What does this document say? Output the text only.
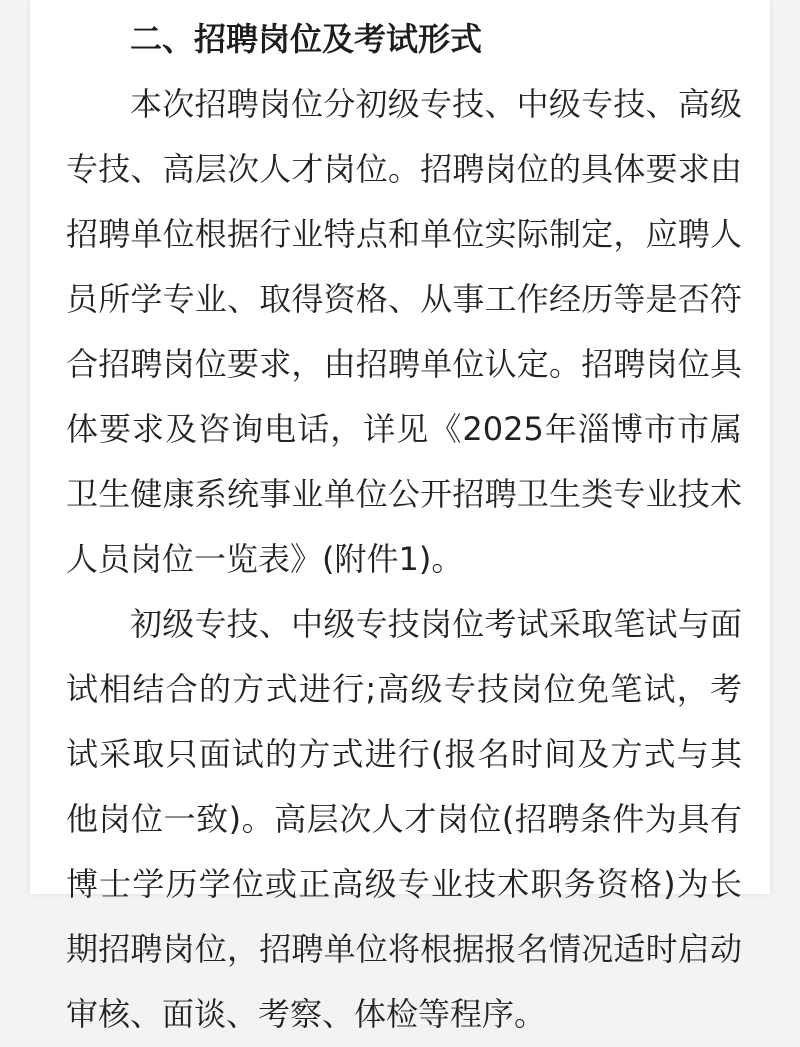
二、招聘岗位及考试形式

本次招聘岗位分初级专技、中级专技、高级专技、高层次人才岗位。招聘岗位的具体要求由招聘单位根据行业特点和单位实际制定，应聘人员所学专业、取得资格、从事工作经历等是否符合招聘岗位要求，由招聘单位认定。招聘岗位具体要求及咨询电话，详见《2025年淄博市市属卫生健康系统事业单位公开招聘卫生类专业技术人员岗位一览表》(附件1)。

初级专技、中级专技岗位考试采取笔试与面试相结合的方式进行;高级专技岗位免笔试，考试采取只面试的方式进行(报名时间及方式与其他岗位一致)。高层次人才岗位(招聘条件为具有博士学历学位或正高级专业技术职务资格)为长期招聘岗位，招聘单位将根据报名情况适时启动审核、面谈、考察、体检等程序。
